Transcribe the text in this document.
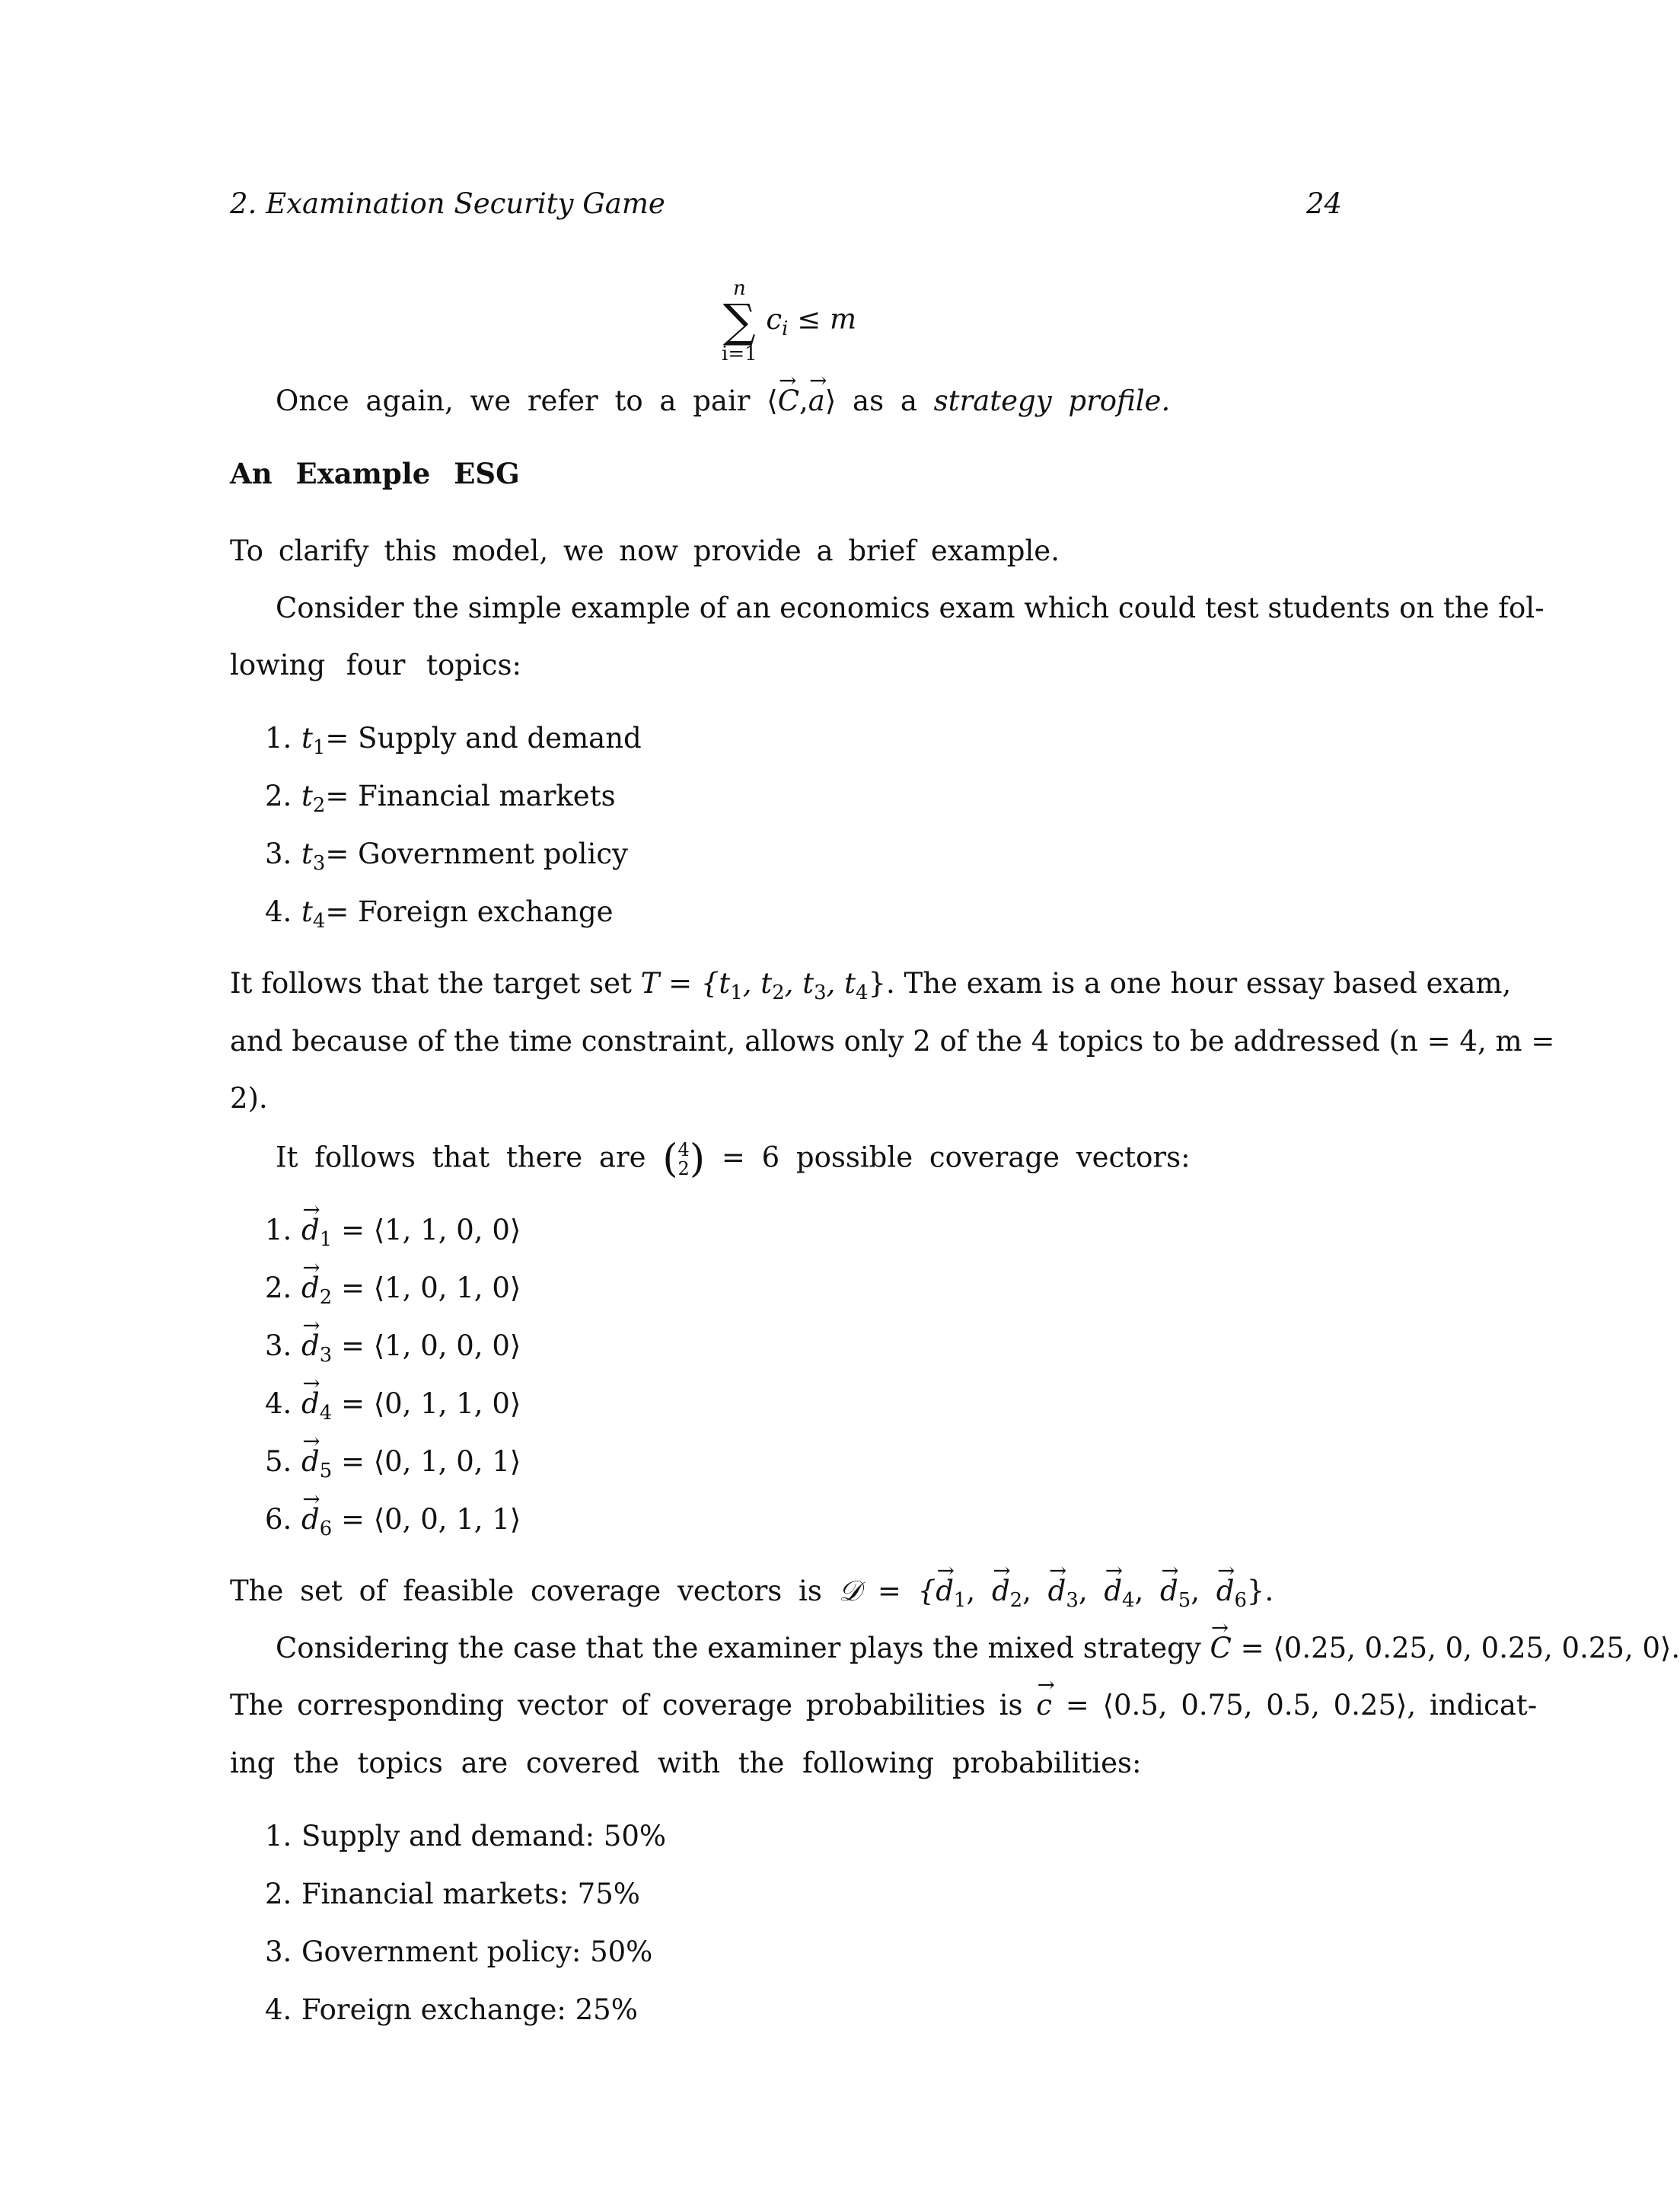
2. Examination Security Game	24
n
∑
i=1
$c_i \le m$
Once again, we refer to a pair ⟨→ C,→ a⟩ as a strategy profile.
An Example ESG
To clarify this model, we now provide a brief example.
Consider the simple example of an economics exam which could test students on the fol-
lowing four topics:
1. $t_1=$ Supply and demand
2. $t_2=$ Financial markets
3. $t_3=$ Government policy
4. $t_4=$ Foreign exchange
It follows that the target set $T = \{t_1$, $t_2$, $t_3$, $t_4$}. The exam is a one hour essay based exam,
and because of the time constraint, allows only 2 of the 4 topics to be addressed (n = 4, m =
2).
It follows that there are ( 4
2 ) = 6 possible coverage vectors:
$1.\to d_1$ = ⟨1, 1, 0, 0⟩
$2.\to d_2$ = ⟨1, 0, 1, 0⟩
$3.\to d_3$ = ⟨1, 0, 0, 0⟩
$4.\to d_4$ = ⟨0, 1, 1, 0⟩
$5.\to d_5$ = ⟨0, 1, 0, 1⟩
$6.\to d_6$ = ⟨0, 0, 1, 1⟩
The set of feasible coverage vectors is 𝒟 = {→ $d_1$, → $d_2$, → $d_3$, → $d_4$, → $d_5$, → $d_6$}.
Considering the case that the examiner plays the mixed strategy → C = ⟨0.25, 0.25, 0, 0.25, 0.25, 0⟩.
The corresponding vector of coverage probabilities is → c = ⟨0.5, 0.75, 0.5, 0.25⟩, indicat-
ing the topics are covered with the following probabilities:
1. Supply and demand: 50%
2. Financial markets: 75%
3. Government policy: 50%
4. Foreign exchange: 25%
